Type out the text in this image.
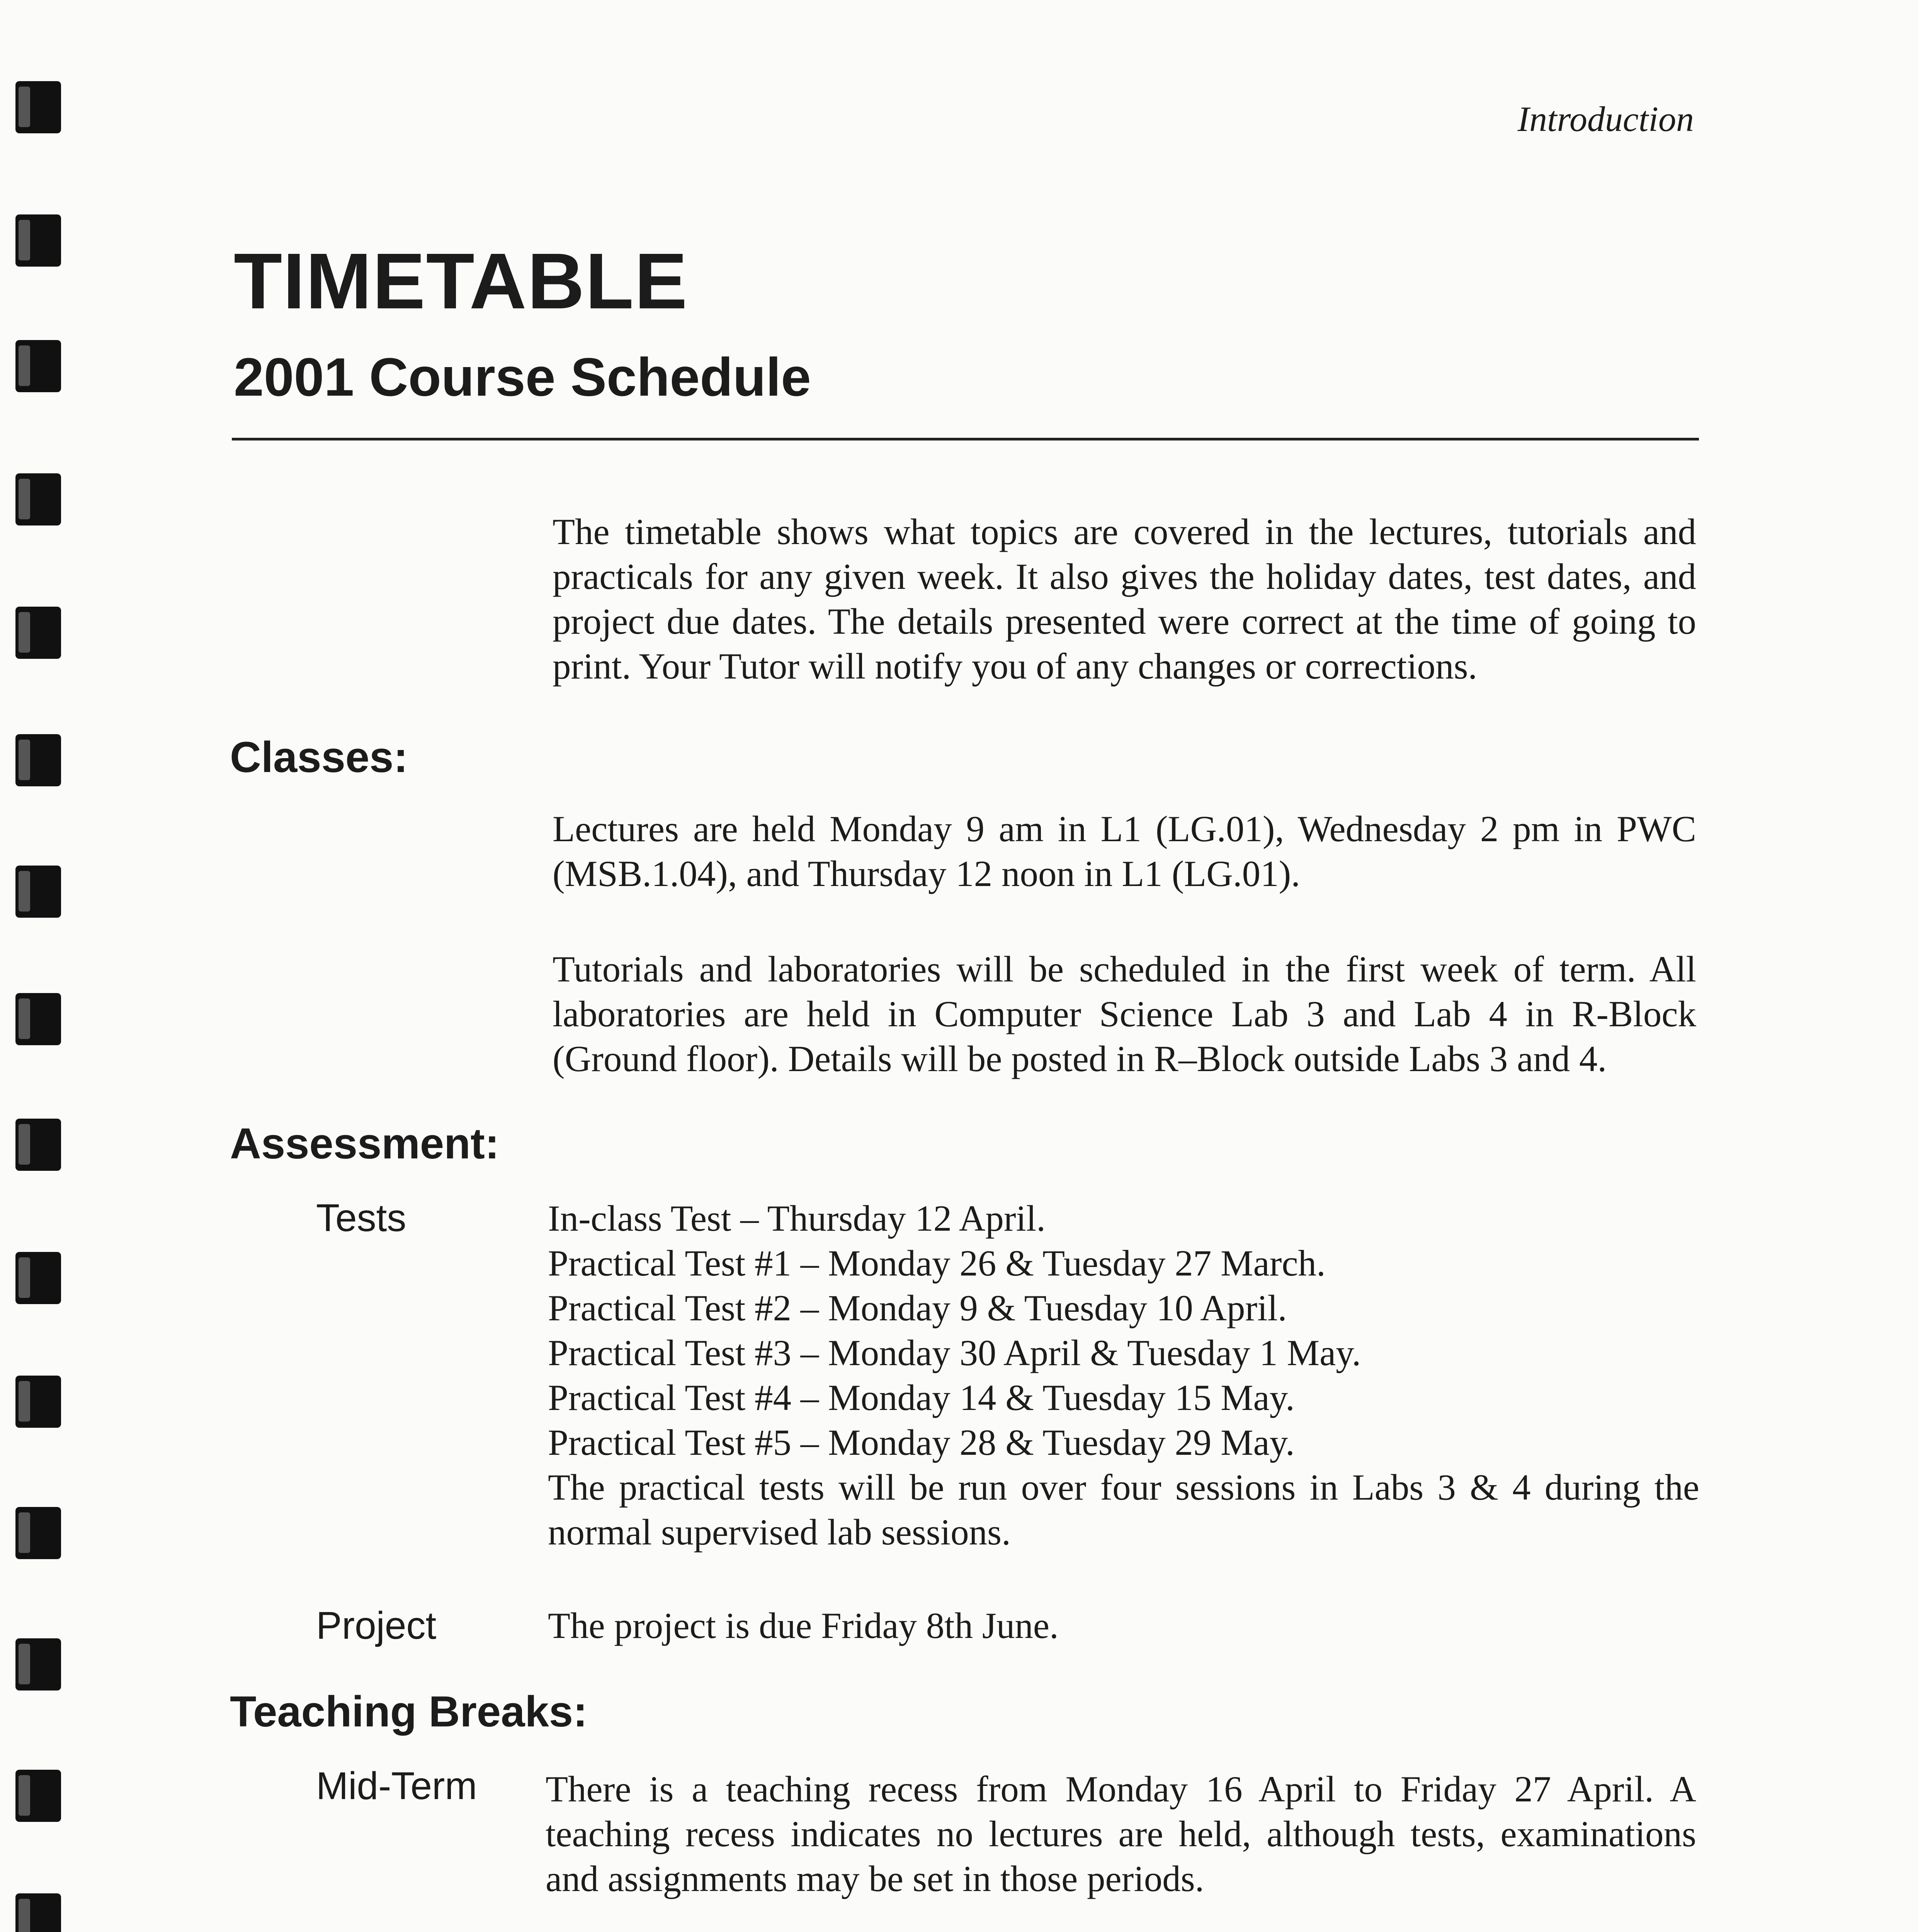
Introduction
TIMETABLE
2001 Course Schedule

The timetable shows what topics are covered in the lectures, tutorials and practicals for any given week. It also gives the holiday dates, test dates, and project due dates. The details presented were correct at the time of going to print. Your Tutor will notify you of any changes or corrections.

Classes:

Lectures are held Monday 9 am in L1 (LG.01), Wednesday 2 pm in PWC (MSB.1.04), and Thursday 12 noon in L1 (LG.01).

Tutorials and laboratories will be scheduled in the first week of term. All laboratories are held in Computer Science Lab 3 and Lab 4 in R-Block (Ground floor). Details will be posted in R–Block outside Labs 3 and 4.

Assessment:
Tests	In-class Test – Thursday 12 April.
Practical Test #1 – Monday 26 & Tuesday 27 March.
Practical Test #2 – Monday 9 & Tuesday 10 April.
Practical Test #3 – Monday 30 April & Tuesday 1 May.
Practical Test #4 – Monday 14 & Tuesday 15 May.
Practical Test #5 – Monday 28 & Tuesday 29 May.
The practical tests will be run over four sessions in Labs 3 & 4 during the normal supervised lab sessions.
Project	The project is due Friday 8th June.
Teaching Breaks:
Mid-Term There is a teaching recess from Monday 16 April to Friday 27 April. A teaching recess indicates no lectures are held, although tests, examinations and assignments may be set in those periods.
